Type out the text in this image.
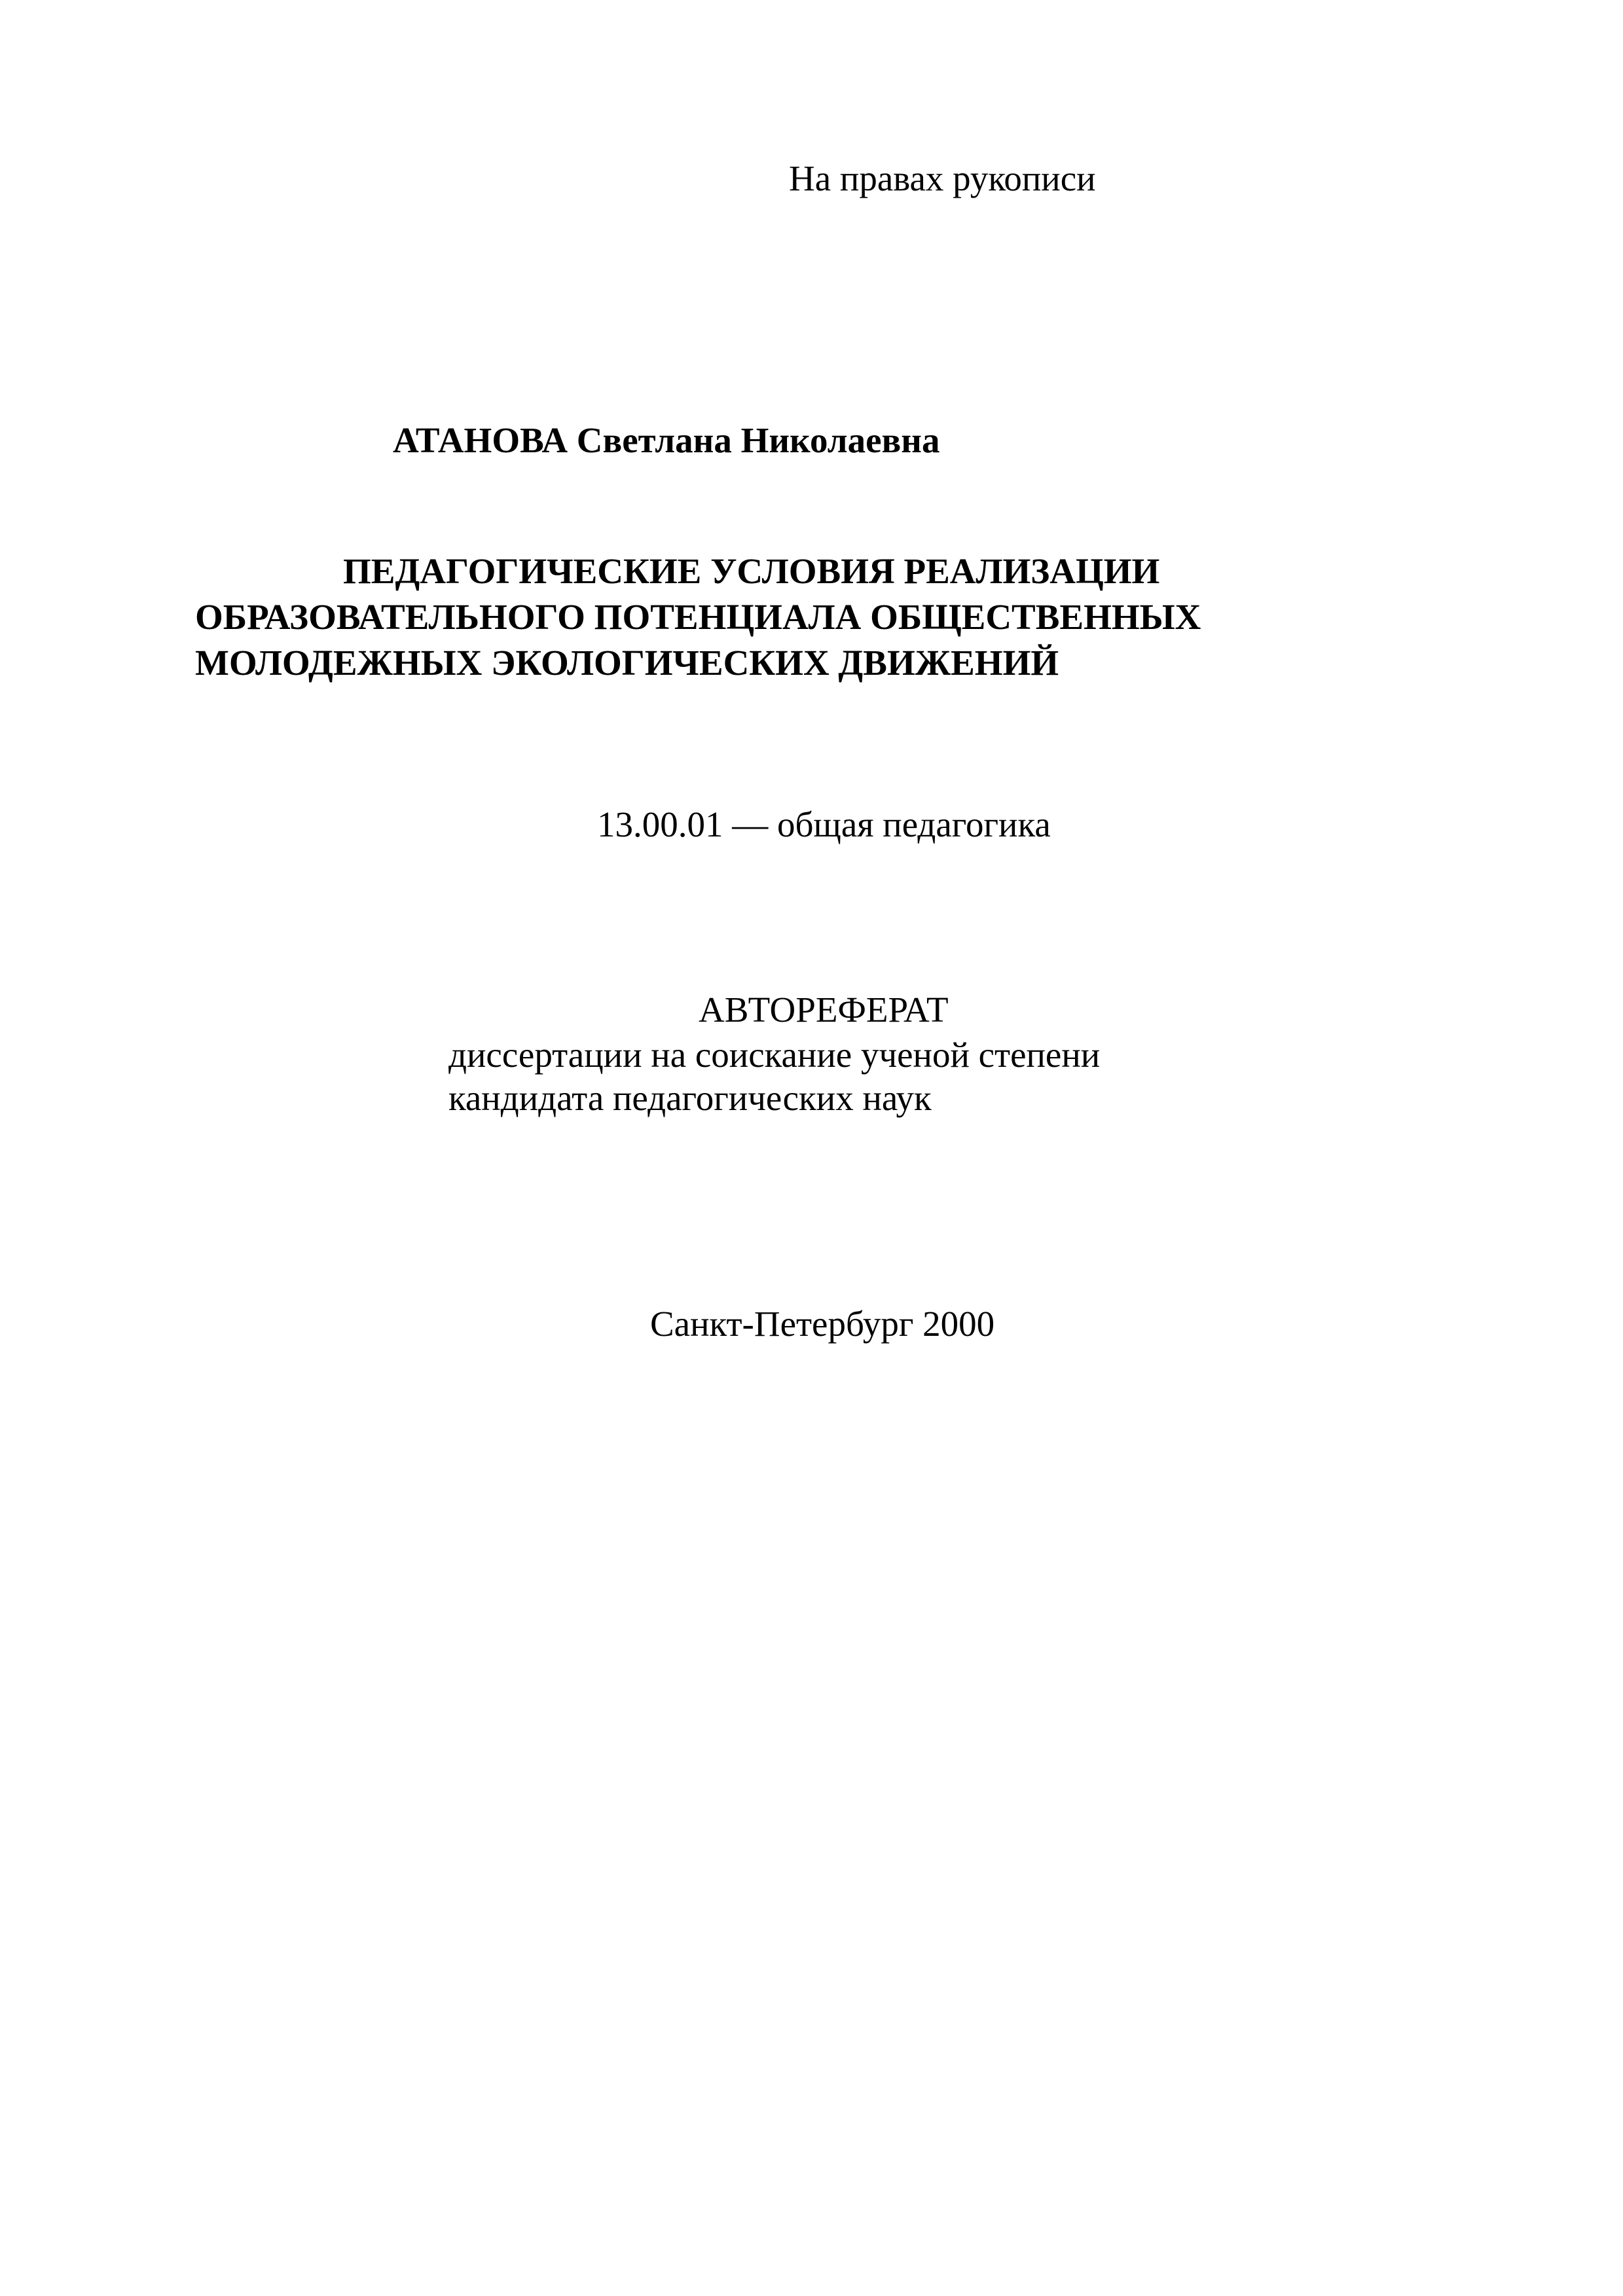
На правах рукописи
АТАНОВА Светлана Николаевна
ПЕДАГОГИЧЕСКИЕ УСЛОВИЯ РЕАЛИЗАЦИИ
ОБРАЗОВАТЕЛЬНОГО ПОТЕНЦИАЛА ОБЩЕСТВЕННЫХ
МОЛОДЕЖНЫХ ЭКОЛОГИЧЕСКИХ ДВИЖЕНИЙ
13.00.01 — общая педагогика
АВТОРЕФЕРАТ
диссертации на соискание ученой степени
кандидата педагогических наук
Санкт-Петербург 2000
